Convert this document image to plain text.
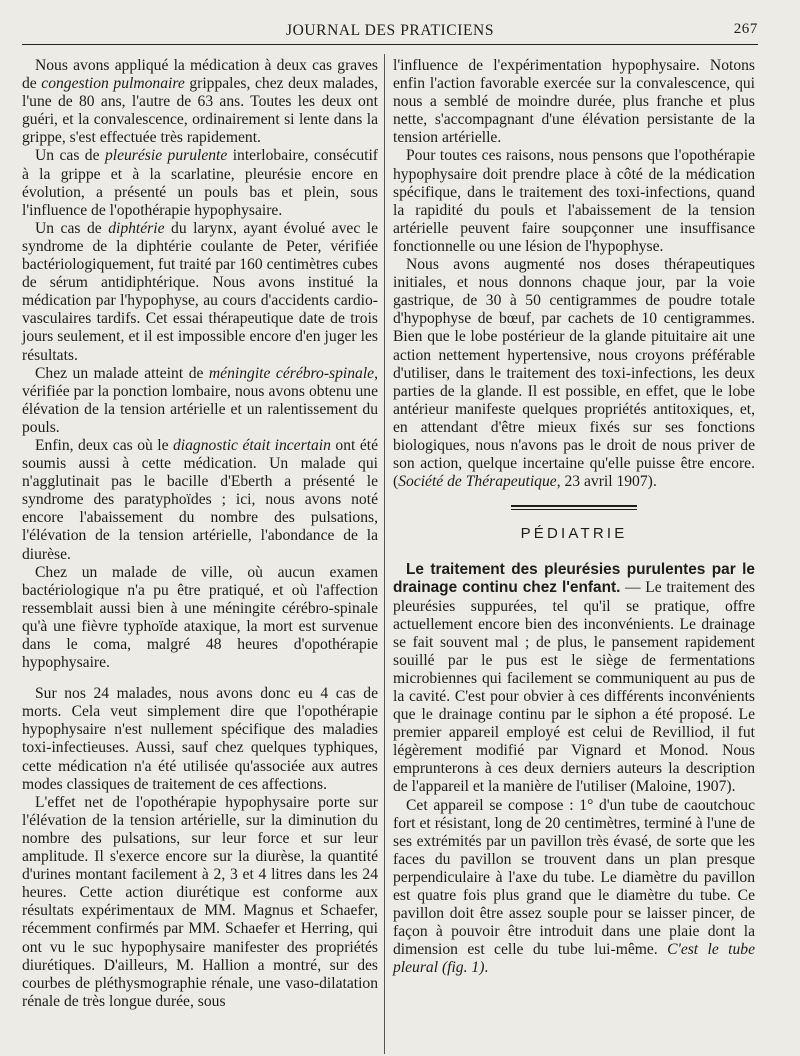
JOURNAL DES PRATICIENS	267

Nous avons appliqué la médication à deux cas graves de congestion pulmonaire grippales, chez deux malades, l'une de 80 ans, l'autre de 63 ans. Toutes les deux ont guéri, et la convalescence, ordinairement si lente dans la grippe, s'est effectuée très rapidement.

Un cas de pleurésie purulente interlobaire, consécutif à la grippe et à la scarlatine, pleurésie encore en évolution, a présenté un pouls bas et plein, sous l'influence de l'opothérapie hypophysaire.

Un cas de diphtérie du larynx, ayant évolué avec le syndrome de la diphtérie coulante de Peter, vérifiée bactériologiquement, fut traité par 160 centimètres cubes de sérum antidiphtérique. Nous avons institué la médication par l'hypophyse, au cours d'accidents cardio-vasculaires tardifs. Cet essai thérapeutique date de trois jours seulement, et il est impossible encore d'en juger les résultats.

Chez un malade atteint de méningite cérébro-spinale, vérifiée par la ponction lombaire, nous avons obtenu une élévation de la tension artérielle et un ralentissement du pouls.

Enfin, deux cas où le diagnostic était incertain ont été soumis aussi à cette médication. Un malade qui n'agglutinait pas le bacille d'Eberth a présenté le syndrome des paratyphoïdes ; ici, nous avons noté encore l'abaissement du nombre des pulsations, l'élévation de la tension artérielle, l'abondance de la diurèse.

Chez un malade de ville, où aucun examen bactériologique n'a pu être pratiqué, et où l'affection ressemblait aussi bien à une méningite cérébro-spinale qu'à une fièvre typhoïde ataxique, la mort est survenue dans le coma, malgré 48 heures d'opothérapie hypophysaire.

Sur nos 24 malades, nous avons donc eu 4 cas de morts. Cela veut simplement dire que l'opothérapie hypophysaire n'est nullement spécifique des maladies toxi-infectieuses. Aussi, sauf chez quelques typhiques, cette médication n'a été utilisée qu'associée aux autres modes classiques de traitement de ces affections.

L'effet net de l'opothérapie hypophysaire porte sur l'élévation de la tension artérielle, sur la diminution du nombre des pulsations, sur leur force et sur leur amplitude. Il s'exerce encore sur la diurèse, la quantité d'urines montant facilement à 2, 3 et 4 litres dans les 24 heures. Cette action diurétique est conforme aux résultats expérimentaux de MM. Magnus et Schaefer, récemment confirmés par MM. Schaefer et Herring, qui ont vu le suc hypophysaire manifester des propriétés diurétiques. D'ailleurs, M. Hallion a montré, sur des courbes de pléthysmographie rénale, une vaso-dilatation rénale de très longue durée, sous

l'influence de l'expérimentation hypophysaire. Notons enfin l'action favorable exercée sur la convalescence, qui nous a semblé de moindre durée, plus franche et plus nette, s'accompagnant d'une élévation persistante de la tension artérielle.

Pour toutes ces raisons, nous pensons que l'opothérapie hypophysaire doit prendre place à côté de la médication spécifique, dans le traitement des toxi-infections, quand la rapidité du pouls et l'abaissement de la tension artérielle peuvent faire soupçonner une insuffisance fonctionnelle ou une lésion de l'hypophyse.

Nous avons augmenté nos doses thérapeutiques initiales, et nous donnons chaque jour, par la voie gastrique, de 30 à 50 centigrammes de poudre totale d'hypophyse de bœuf, par cachets de 10 centigrammes. Bien que le lobe postérieur de la glande pituitaire ait une action nettement hypertensive, nous croyons préférable d'utiliser, dans le traitement des toxi-infections, les deux parties de la glande. Il est possible, en effet, que le lobe antérieur manifeste quelques propriétés antitoxiques, et, en attendant d'être mieux fixés sur ses fonctions biologiques, nous n'avons pas le droit de nous priver de son action, quelque incertaine qu'elle puisse être encore. (Société de Thérapeutique, 23 avril 1907).

PÉDIATRIE

Le traitement des pleurésies purulentes par le drainage continu chez l'enfant. — Le traitement des pleurésies suppurées, tel qu'il se pratique, offre actuellement encore bien des inconvénients. Le drainage se fait souvent mal ; de plus, le pansement rapidement souillé par le pus est le siège de fermentations microbiennes qui facilement se communiquent au pus de la cavité. C'est pour obvier à ces différents inconvénients que le drainage continu par le siphon a été proposé. Le premier appareil employé est celui de Revilliod, il fut légèrement modifié par Vignard et Monod. Nous emprunterons à ces deux derniers auteurs la description de l'appareil et la manière de l'utiliser (Maloine, 1907).

Cet appareil se compose : 1° d'un tube de caoutchouc fort et résistant, long de 20 centimètres, terminé à l'une de ses extrémités par un pavillon très évasé, de sorte que les faces du pavillon se trouvent dans un plan presque perpendiculaire à l'axe du tube. Le diamètre du pavillon est quatre fois plus grand que le diamètre du tube. Ce pavillon doit être assez souple pour se laisser pincer, de façon à pouvoir être introduit dans une plaie dont la dimension est celle du tube lui-même. C'est le tube pleural (fig. 1).
